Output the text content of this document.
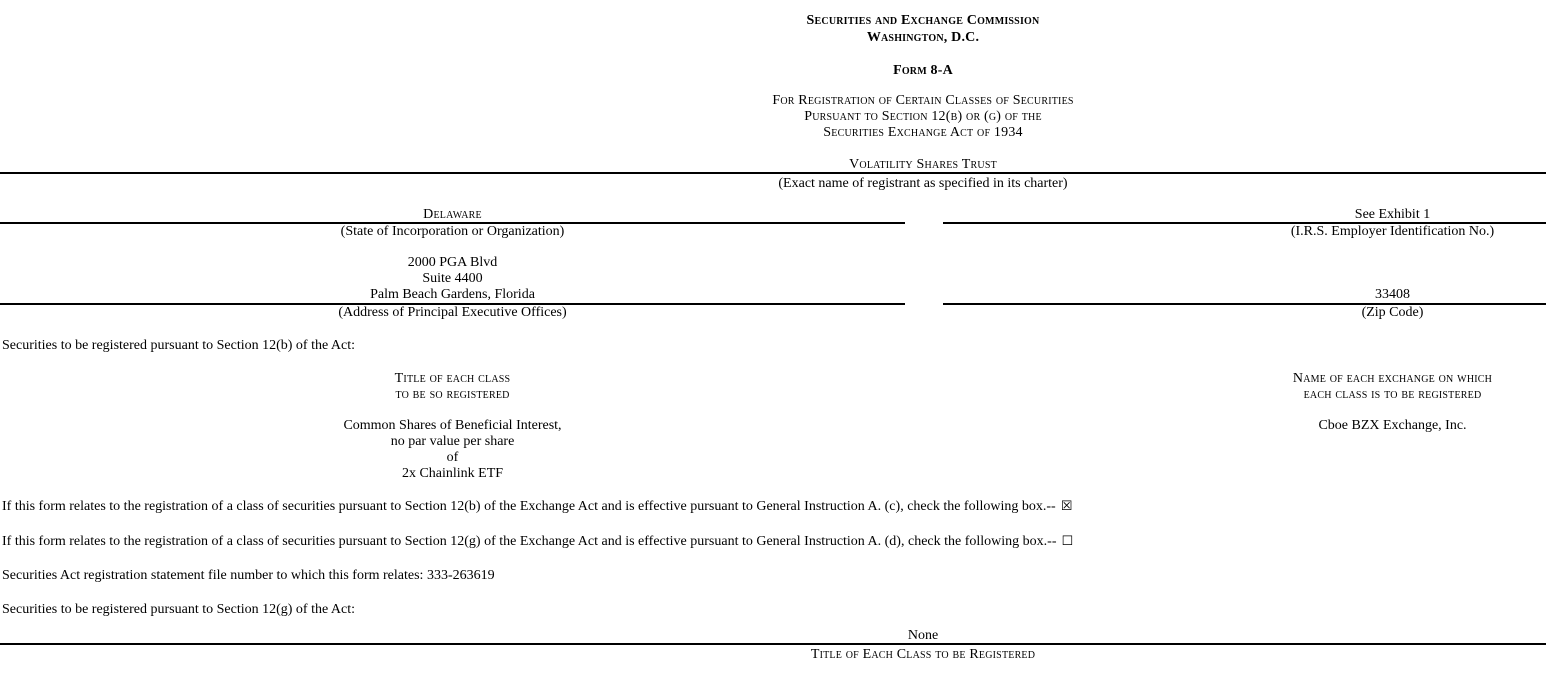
Securities and Exchange Commission
Washington, D.C.
Form 8-A
For Registration of Certain Classes of Securities
Pursuant to Section 12(b) or (g) of the
Securities Exchange Act of 1934
Volatility Shares Trust
(Exact name of registrant as specified in its charter)
Delaware
(State of Incorporation or Organization)
See Exhibit 1
(I.R.S. Employer Identification No.)
2000 PGA Blvd
Suite 4400
Palm Beach Gardens, Florida
(Address of Principal Executive Offices)
33408
(Zip Code)

Securities to be registered pursuant to Section 12(b) of the Act:

Title of each class
to be so registered
Name of each exchange on which
each class is to be registered
Common Shares of Beneficial Interest,
no par value per share
of
2x Chainlink ETF
Cboe BZX Exchange, Inc.

If this form relates to the registration of a class of securities pursuant to Section 12(b) of the Exchange Act and is effective pursuant to General Instruction A. (c), check the following box.-- ☒

If this form relates to the registration of a class of securities pursuant to Section 12(g) of the Exchange Act and is effective pursuant to General Instruction A. (d), check the following box.-- ☐

Securities Act registration statement file number to which this form relates: 333-263619

Securities to be registered pursuant to Section 12(g) of the Act:

None
Title of Each Class to be Registered
